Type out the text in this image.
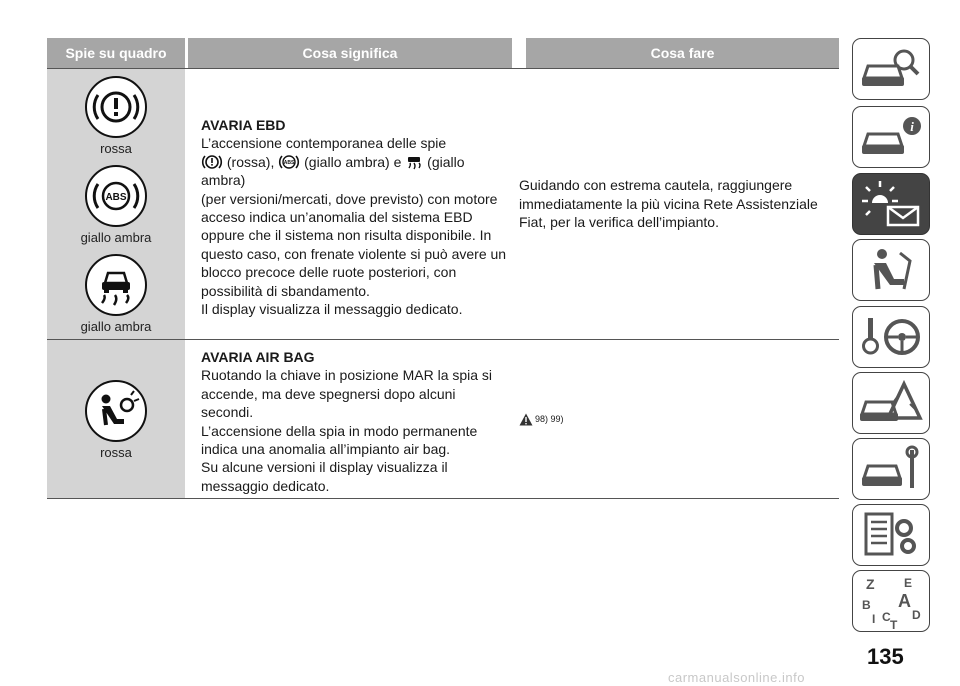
Spie su quadro	Cosa significa	Cosa fare
rossa
ABS
giallo ambra
giallo ambra
AVARIA EBD
L’accensione contemporanea delle spie
(rossa), ABS (giallo ambra) e (giallo ambra)
(per versioni/mercati, dove previsto) con motore
acceso indica un’anomalia del sistema EBD
oppure che il sistema non risulta disponibile. In
questo caso, con frenate violente si può avere un
blocco precoce delle ruote posteriori, con
possibilità di sbandamento.
Il display visualizza il messaggio dedicato.
Guidando con estrema cautela, raggiungere
immediatamente la più vicina Rete Assistenziale
Fiat, per la verifica dell’impianto.
rossa
AVARIA AIR BAG
Ruotando la chiave in posizione MAR la spia si
accende, ma deve spegnersi dopo alcuni
secondi.
L’accensione della spia in modo permanente
indica una anomalia all’impianto air bag.
Su alcune versioni il display visualizza il
messaggio dedicato.
98) 99)
i
Z E
B A
I C D
T
135
carmanualsonline.info
